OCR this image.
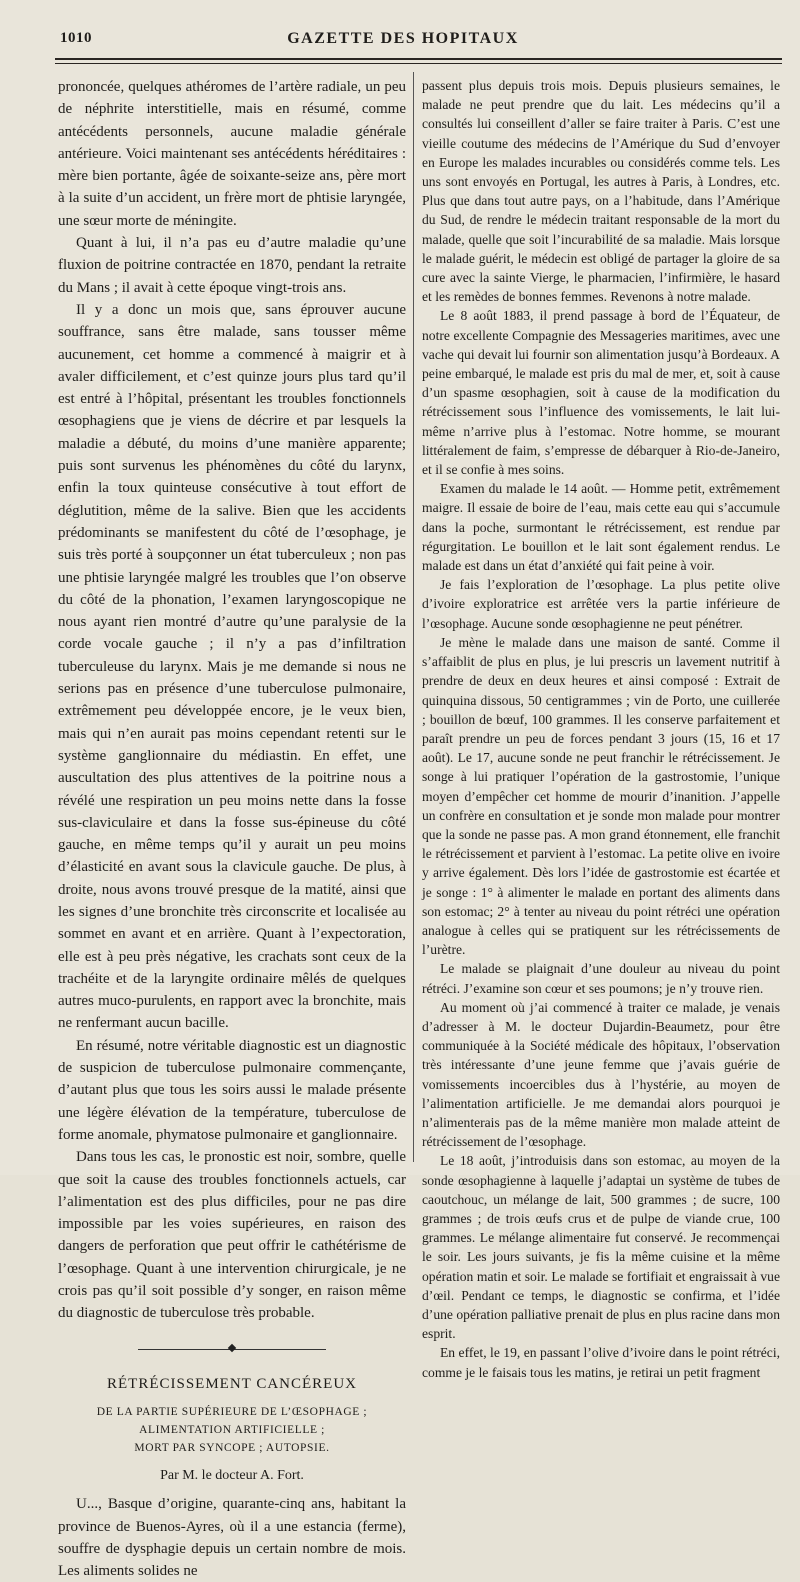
1010	GAZETTE DES HOPITAUX

prononcée, quelques athéromes de l’artère radiale, un peu de néphrite interstitielle, mais en résumé, comme antécédents personnels, aucune maladie générale antérieure. Voici maintenant ses antécédents héréditaires : mère bien portante, âgée de soixante-seize ans, père mort à la suite d’un accident, un frère mort de phtisie laryngée, une sœur morte de méningite.

Quant à lui, il n’a pas eu d’autre maladie qu’une fluxion de poitrine contractée en 1870, pendant la retraite du Mans ; il avait à cette époque vingt-trois ans.

Il y a donc un mois que, sans éprouver aucune souffrance, sans être malade, sans tousser même aucunement, cet homme a commencé à maigrir et à avaler difficilement, et c’est quinze jours plus tard qu’il est entré à l’hôpital, présentant les troubles fonctionnels œsophagiens que je viens de décrire et par lesquels la maladie a débuté, du moins d’une manière apparente; puis sont survenus les phénomènes du côté du larynx, enfin la toux quinteuse consécutive à tout effort de déglutition, même de la salive. Bien que les accidents prédominants se manifestent du côté de l’œsophage, je suis très porté à soupçonner un état tuberculeux ; non pas une phtisie laryngée malgré les troubles que l’on observe du côté de la phonation, l’examen laryngoscopique ne nous ayant rien montré d’autre qu’une paralysie de la corde vocale gauche ; il n’y a pas d’infiltration tuberculeuse du larynx. Mais je me demande si nous ne serions pas en présence d’une tuberculose pulmonaire, extrêmement peu développée encore, je le veux bien, mais qui n’en aurait pas moins cependant retenti sur le système ganglionnaire du médiastin. En effet, une auscultation des plus attentives de la poitrine nous a révélé une respiration un peu moins nette dans la fosse sus-claviculaire et dans la fosse sus-épineuse du côté gauche, en même temps qu’il y aurait un peu moins d’élasticité en avant sous la clavicule gauche. De plus, à droite, nous avons trouvé presque de la matité, ainsi que les signes d’une bronchite très circonscrite et localisée au sommet en avant et en arrière. Quant à l’expectoration, elle est à peu près négative, les crachats sont ceux de la trachéite et de la laryngite ordinaire mêlés de quelques autres muco-purulents, en rapport avec la bronchite, mais ne renfermant aucun bacille.

En résumé, notre véritable diagnostic est un diagnostic de suspicion de tuberculose pulmonaire commençante, d’autant plus que tous les soirs aussi le malade présente une légère élévation de la température, tuberculose de forme anomale, phymatose pulmonaire et ganglionnaire.

Dans tous les cas, le pronostic est noir, sombre, quelle que soit la cause des troubles fonctionnels actuels, car l’alimentation est des plus difficiles, pour ne pas dire impossible par les voies supérieures, en raison des dangers de perforation que peut offrir le cathétérisme de l’œsophage. Quant à une intervention chirurgicale, je ne crois pas qu’il soit possible d’y songer, en raison même du diagnostic de tuberculose très probable.

RÉTRÉCISSEMENT CANCÉREUX
DE LA PARTIE SUPÉRIEURE DE L’ŒSOPHAGE ; ALIMENTATION ARTIFICIELLE ;
MORT PAR SYNCOPE ; AUTOPSIE.
Par M. le docteur A. Fort.

U..., Basque d’origine, quarante-cinq ans, habitant la province de Buenos-Ayres, où il a une estancia (ferme), souffre de dysphagie depuis un certain nombre de mois. Les aliments solides ne

passent plus depuis trois mois. Depuis plusieurs semaines, le malade ne peut prendre que du lait. Les médecins qu’il a consultés lui conseillent d’aller se faire traiter à Paris. C’est une vieille coutume des médecins de l’Amérique du Sud d’envoyer en Europe les malades incurables ou considérés comme tels. Les uns sont envoyés en Portugal, les autres à Paris, à Londres, etc. Plus que dans tout autre pays, on a l’habitude, dans l’Amérique du Sud, de rendre le médecin traitant responsable de la mort du malade, quelle que soit l’incurabilité de sa maladie. Mais lorsque le malade guérit, le médecin est obligé de partager la gloire de sa cure avec la sainte Vierge, le pharmacien, l’infirmière, le hasard et les remèdes de bonnes femmes. Revenons à notre malade.

Le 8 août 1883, il prend passage à bord de l’Équateur, de notre excellente Compagnie des Messageries maritimes, avec une vache qui devait lui fournir son alimentation jusqu’à Bordeaux. A peine embarqué, le malade est pris du mal de mer, et, soit à cause d’un spasme œsophagien, soit à cause de la modification du rétrécissement sous l’influence des vomissements, le lait lui-même n’arrive plus à l’estomac. Notre homme, se mourant littéralement de faim, s’empresse de débarquer à Rio-de-Janeiro, et il se confie à mes soins.

Examen du malade le 14 août. — Homme petit, extrêmement maigre. Il essaie de boire de l’eau, mais cette eau qui s’accumule dans la poche, surmontant le rétrécissement, est rendue par régurgitation. Le bouillon et le lait sont également rendus. Le malade est dans un état d’anxiété qui fait peine à voir.

Je fais l’exploration de l’œsophage. La plus petite olive d’ivoire exploratrice est arrêtée vers la partie inférieure de l’œsophage. Aucune sonde œsophagienne ne peut pénétrer.

Je mène le malade dans une maison de santé. Comme il s’affaiblit de plus en plus, je lui prescris un lavement nutritif à prendre de deux en deux heures et ainsi composé : Extrait de quinquina dissous, 50 centigrammes ; vin de Porto, une cuillerée ; bouillon de bœuf, 100 grammes. Il les conserve parfaitement et paraît prendre un peu de forces pendant 3 jours (15, 16 et 17 août). Le 17, aucune sonde ne peut franchir le rétrécissement. Je songe à lui pratiquer l’opération de la gastrostomie, l’unique moyen d’empêcher cet homme de mourir d’inanition. J’appelle un confrère en consultation et je sonde mon malade pour montrer que la sonde ne passe pas. A mon grand étonnement, elle franchit le rétrécissement et parvient à l’estomac. La petite olive en ivoire y arrive également. Dès lors l’idée de gastrostomie est écartée et je songe : 1° à alimenter le malade en portant des aliments dans son estomac; 2° à tenter au niveau du point rétréci une opération analogue à celles qui se pratiquent sur les rétrécissements de l’urètre.

Le malade se plaignait d’une douleur au niveau du point rétréci. J’examine son cœur et ses poumons; je n’y trouve rien.

Au moment où j’ai commencé à traiter ce malade, je venais d’adresser à M. le docteur Dujardin-Beaumetz, pour être communiquée à la Société médicale des hôpitaux, l’observation très intéressante d’une jeune femme que j’avais guérie de vomissements incoercibles dus à l’hystérie, au moyen de l’alimentation artificielle. Je me demandai alors pourquoi je n’alimenterais pas de la même manière mon malade atteint de rétrécissement de l’œsophage.

Le 18 août, j’introduisis dans son estomac, au moyen de la sonde œsophagienne à laquelle j’adaptai un système de tubes de caoutchouc, un mélange de lait, 500 grammes ; de sucre, 100 grammes ; de trois œufs crus et de pulpe de viande crue, 100 grammes. Le mélange alimentaire fut conservé. Je recommençai le soir. Les jours suivants, je fis la même cuisine et la même opération matin et soir. Le malade se fortifiait et engraissait à vue d’œil. Pendant ce temps, le diagnostic se confirma, et l’idée d’une opération palliative prenait de plus en plus racine dans mon esprit.

En effet, le 19, en passant l’olive d’ivoire dans le point rétréci, comme je le faisais tous les matins, je retirai un petit fragment
